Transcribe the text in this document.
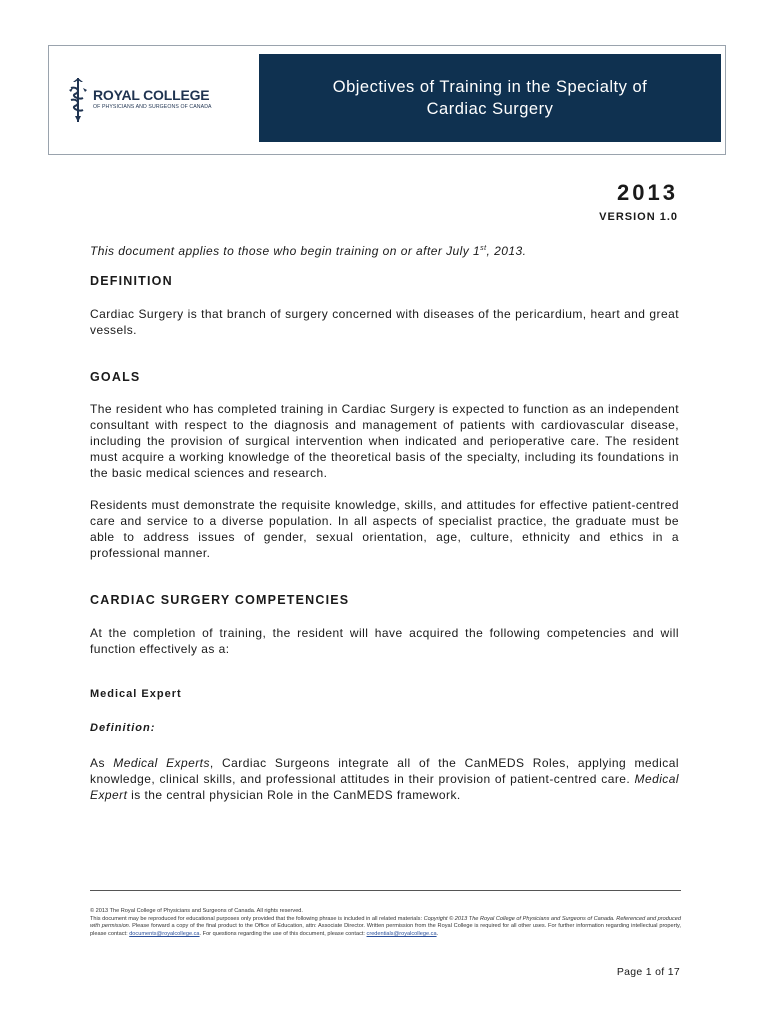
ROYAL COLLEGE
OF PHYSICIANS AND SURGEONS OF CANADA
Objectives of Training in the Specialty of
Cardiac Surgery
2013
VERSION 1.0
This document applies to those who begin training on or after July 1st, 2013.
DEFINITION
Cardiac Surgery is that branch of surgery concerned with diseases of the pericardium, heart and great vessels.
GOALS
The resident who has completed training in Cardiac Surgery is expected to function as an independent consultant with respect to the diagnosis and management of patients with cardiovascular disease, including the provision of surgical intervention when indicated and perioperative care. The resident must acquire a working knowledge of the theoretical basis of the specialty, including its foundations in the basic medical sciences and research.
Residents must demonstrate the requisite knowledge, skills, and attitudes for effective patient-centred care and service to a diverse population. In all aspects of specialist practice, the graduate must be able to address issues of gender, sexual orientation, age, culture, ethnicity and ethics in a professional manner.
CARDIAC SURGERY COMPETENCIES
At the completion of training, the resident will have acquired the following competencies and will function effectively as a:
Medical Expert
Definition:
As Medical Experts, Cardiac Surgeons integrate all of the CanMEDS Roles, applying medical knowledge, clinical skills, and professional attitudes in their provision of patient-centred care. Medical Expert is the central physician Role in the CanMEDS framework.
© 2013 The Royal College of Physicians and Surgeons of Canada. All rights reserved.
This document may be reproduced for educational purposes only provided that the following phrase is included in all related materials: Copyright © 2013 The Royal College of Physicians and Surgeons of Canada. Referenced and produced with permission. Please forward a copy of the final product to the Office of Education, attn: Associate Director. Written permission from the Royal College is required for all other uses. For further information regarding intellectual property, please contact: documents@royalcollege.ca. For questions regarding the use of this document, please contact: credentials@royalcollege.ca.
Page 1 of 17
